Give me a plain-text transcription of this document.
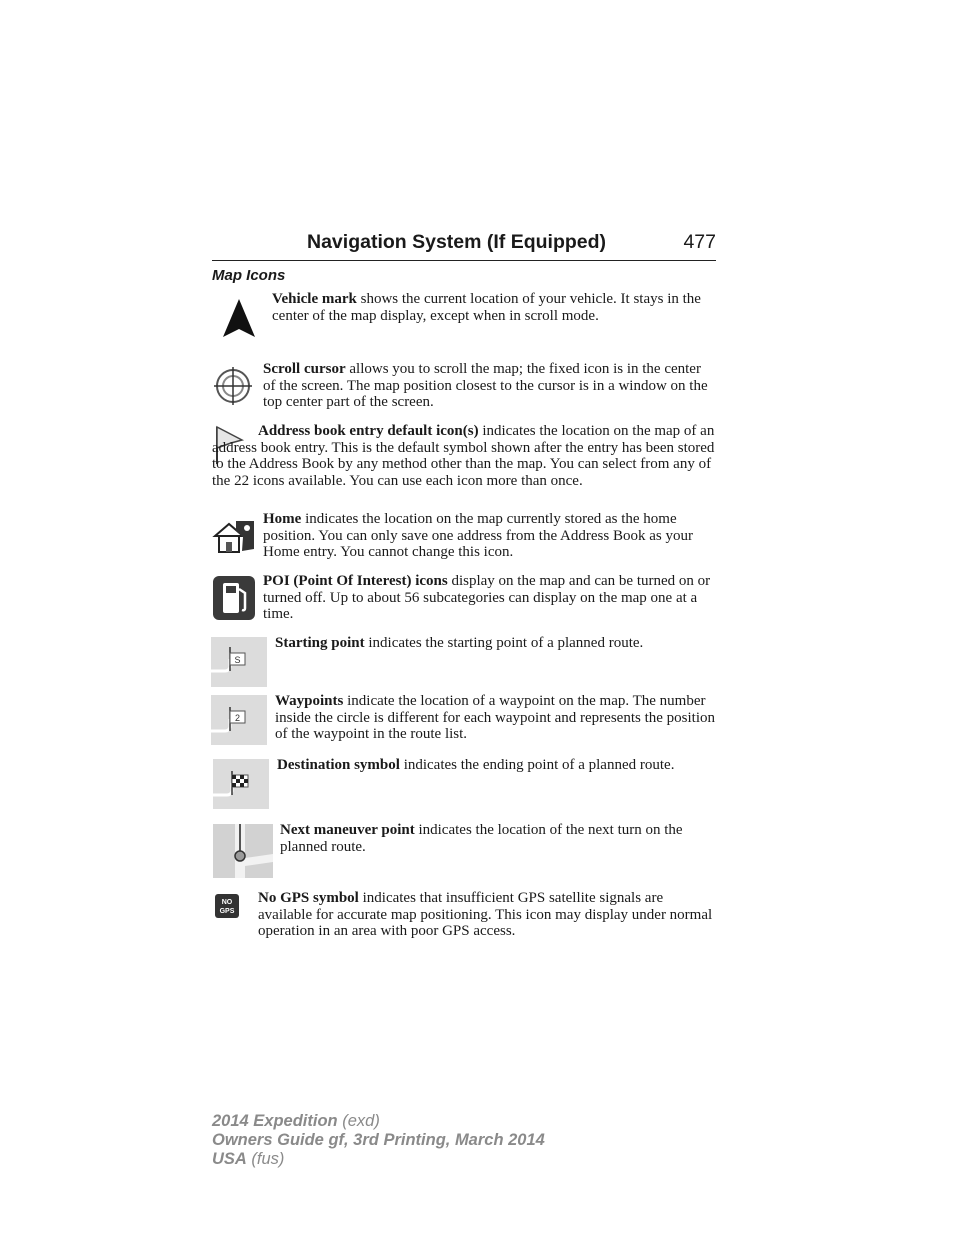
Navigation System (If Equipped)	477
Map Icons

Vehicle mark shows the current location of your vehicle. It stays in the center of the map display, except when in scroll mode.

Scroll cursor allows you to scroll the map; the fixed icon is in the center of the screen. The map position closest to the cursor is in a window on the top center part of the screen.

Address book entry default icon(s) indicates the location on the map of an address book entry. This is the default symbol shown after the entry has been stored to the Address Book by any method other than the map. You can select from any of the 22 icons available. You can use each icon more than once.

Home indicates the location on the map currently stored as the home position. You can only save one address from the Address Book as your Home entry. You cannot change this icon.

POI (Point Of Interest) icons display on the map and can be turned on or turned off. Up to about 56 subcategories can display on the map one at a time.

S

Starting point indicates the starting point of a planned route.

2

Waypoints indicate the location of a waypoint on the map. The number inside the circle is different for each waypoint and represents the position of the waypoint in the route list.

Destination symbol indicates the ending point of a planned route.

Next maneuver point indicates the location of the next turn on the planned route.

NO
GPS

No GPS symbol indicates that insufficient GPS satellite signals are available for accurate map positioning. This icon may display under normal operation in an area with poor GPS access.

2014 Expedition (exd)
Owners Guide gf, 3rd Printing, March 2014
USA (fus)
